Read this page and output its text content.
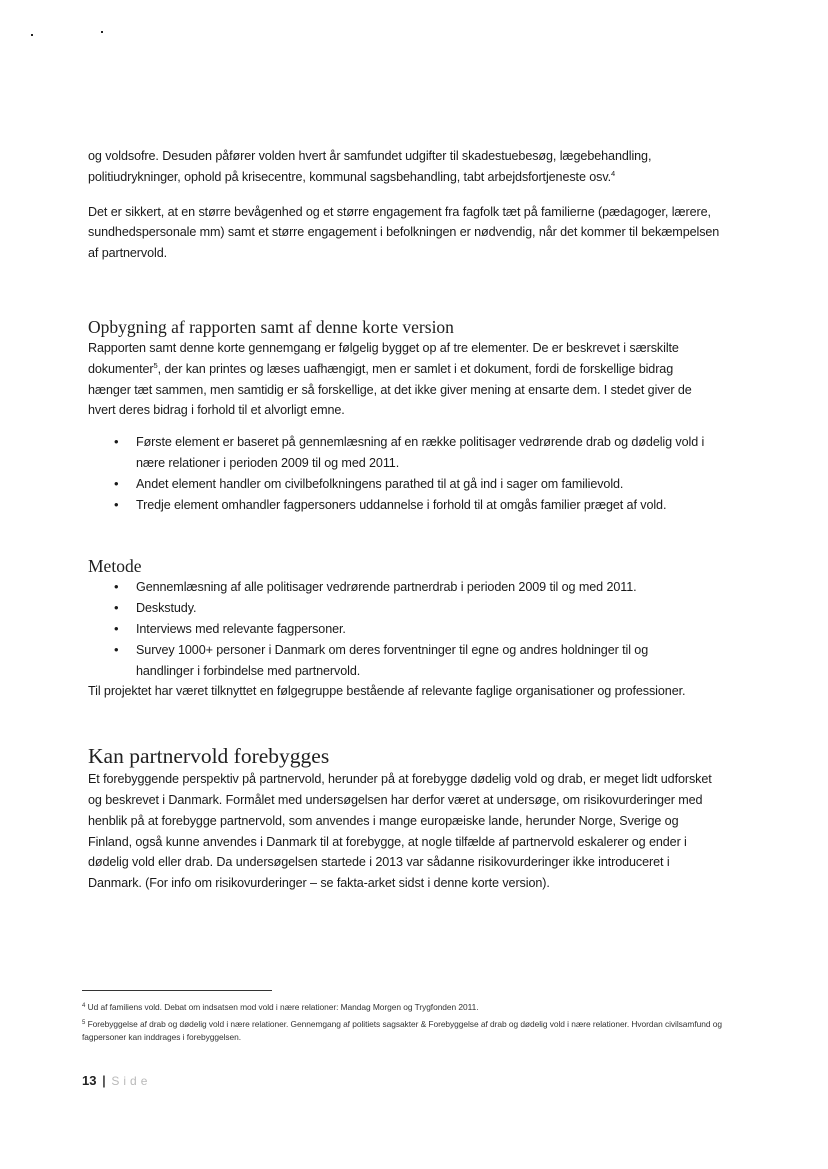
og voldsofre. Desuden påfører volden hvert år samfundet udgifter til skadestuebesøg, lægebehandling, politiudrykninger, ophold på krisecentre, kommunal sagsbehandling, tabt arbejdsfortjeneste osv.$^4$

Det er sikkert, at en større bevågenhed og et større engagement fra fagfolk tæt på familierne (pædagoger, lærere, sundhedspersonale mm) samt et større engagement i befolkningen er nødvendig, når det kommer til bekæmpelsen af partnervold.

Opbygning af rapporten samt af denne korte version

Rapporten samt denne korte gennemgang er følgelig bygget op af tre elementer. De er beskrevet i særskilte dokumenter$^5$, der kan printes og læses uafhængigt, men er samlet i et dokument, fordi de forskellige bidrag hænger tæt sammen, men samtidig er så forskellige, at det ikke giver mening at ensarte dem. I stedet giver de hvert deres bidrag i forhold til et alvorligt emne.

• Første element er baseret på gennemlæsning af en række politisager vedrørende drab og dødelig vold i nære relationer i perioden 2009 til og med 2011.
• Andet element handler om civilbefolkningens parathed til at gå ind i sager om familievold.
• Tredje element omhandler fagpersoners uddannelse i forhold til at omgås familier præget af vold.
Metode
• Gennemlæsning af alle politisager vedrørende partnerdrab i perioden 2009 til og med 2011.
• Deskstudy.
• Interviews med relevante fagpersoner.
• Survey 1000+ personer i Danmark om deres forventninger til egne og andres holdninger til og handlinger i forbindelse med partnervold.

Til projektet har været tilknyttet en følgegruppe bestående af relevante faglige organisationer og professioner.

Kan partnervold forebygges

Et forebyggende perspektiv på partnervold, herunder på at forebygge dødelig vold og drab, er meget lidt udforsket og beskrevet i Danmark. Formålet med undersøgelsen har derfor været at undersøge, om risikovurderinger med henblik på at forebygge partnervold, som anvendes i mange europæiske lande, herunder Norge, Sverige og Finland, også kunne anvendes i Danmark til at forebygge, at nogle tilfælde af partnervold eskalerer og ender i dødelig vold eller drab. Da undersøgelsen startede i 2013 var sådanne risikovurderinger ikke introduceret i Danmark. (For info om risikovurderinger – se fakta-arket sidst i denne korte version).

$^4$ Ud af familiens vold. Debat om indsatsen mod vold i nære relationer: Mandag Morgen og Trygfonden 2011.
$^5$ Forebyggelse af drab og dødelig vold i nære relationer. Gennemgang af politiets sagsakter & Forebyggelse af drab og dødelig vold i nære relationer. Hvordan civilsamfund og fagpersoner kan inddrages i forebyggelsen.
13 | Side
